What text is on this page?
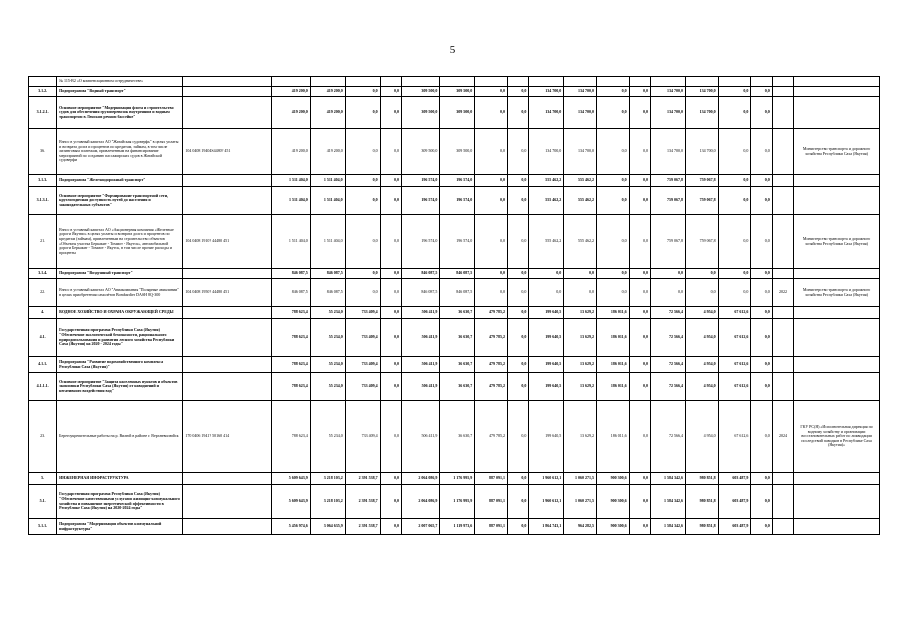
5
	№ 115-В2 «О компенсационном сотрудничестве»																			
3.1.2.	Подпрограмма "Водный транспорт"		419 200,0	419 200,0	0,0	0,0	309 500,0	309 500,0	0,0	0,0	134 700,0	134 700,0	0,0	0,0	134 700,0	134 700,0	0,0	0,0		
3.1.2.1.	Основное мероприятие "Модернизация флота и строительство судов для обеспечения грузоперевозок внутренним и водным транспортом в Ленском речном бассейне"		419 200,0	419 200,0	0,0	0,0	309 500,0	309 500,0	0,0	0,0	134 700,0	134 700,0	0,0	0,0	134 700,0	134 700,0	0,0	0,0		
36.	Взнос в уставный капитал АО "Жатайская судоверфь" в целях уплаты и возврата долга и процентов по кредитам, займам, в том числе лизинговым платежам, привлеченным на финансирование мероприятий по созданию пассажирских судов в Жатайской судоверфи	104 0408 19404S4480? 451	419 200,0	419 200,0	0,0	0,0	309 500,0	309 500,0	0,0	0,0	134 700,0	134 700,0	0,0	0,0	134 700,0	134 700,0	0,0	0,0		Министерство транспорта и дорожного хозяйства Республики Саха (Якутия)
3.1.3.	Подпрограмма "Железнодорожный транспорт"		1 511 404,0	1 511 404,0	0,0	0,0	196 574,0	196 574,0	0,0	0,0	555 462,2	555 462,2	0,0	0,0	759 067,8	759 067,8	0,0	0,0		
3.1.3.1.	Основное мероприятие "Формирование транспортной сети, круглогодичная доступность путей до населения и законодательных субъектов"		1 511 404,0	1 511 404,0	0,0	0,0	196 574,0	196 574,0	0,0	0,0	555 462,2	555 462,2	0,0	0,0	759 067,8	759 067,8	0,0	0,0		
21.	Взнос в уставный капитал АО «Акционерная компания «Железные дороги Якутии» в целях уплаты и возврата долга и процентов по кредитам (займам), привлеченным на строительство объектов «Объекты участка Беркакит - Томмот - Якутск», автомобильной дороги Беркакит - Томмот - Якутск, в том числе прочие расходы и проценты	104 0408 1910? 44480 451	1 511 404,0	1 511 404,0	0,0	0,0	196 574,0	196 574,0	0,0	0,0	555 462,2	555 462,2	0,0	0,0	759 067,8	759 067,8	0,0	0,0		Министерство транспорта и дорожного хозяйства Республики Саха (Якутия)
3.1.4.	Подпрограмма "Воздушный транспорт"		846 087,5	846 087,5	0,0	0,0	846 087,5	846 087,5	0,0	0,0	0,0	0,0	0,0	0,0	0,0	0,0	0,0	0,0		
22.	Взнос в уставный капитал АО "Авиакомпания "Полярные авиалинии" в целях приобретения самолётов Bombardier DASH 8Q-300	104 0408 1950? 44480 451	846 087,5	846 087,5	0,0	0,0	846 087,5	846 087,5	0,0	0,0	0,0	0,0	0,0	0,0	0,0	0,0	0,0	0,0	2022	Министерство транспорта и дорожного хозяйства Республики Саха (Якутия)
4.	ВОДНОЕ ХОЗЯЙСТВО И ОХРАНА ОКРУЖАЮЩЕЙ СРЕДЫ		788 623,4	55 234,0	733 409,4	0,0	506 411,9	36 630,7	479 785,2	0,0	199 640,5	13 629,2	186 011,6	0,0	72 566,4	4 954,0	67 612,6	0,0		
4.1.	Государственная программа Республики Саха (Якутия) "Обеспечение экологической безопасности, рационального природопользования и развития лесного хозяйства Республики Саха (Якутия) на 2020 - 2024 годы"		788 623,4	55 234,0	733 409,4	0,0	506 411,9	36 630,7	479 785,2	0,0	199 640,5	13 629,2	186 011,6	0,0	72 566,4	4 954,0	67 612,6	0,0		
4.1.1.	Подпрограмма "Развитие водохозяйственного комплекса Республики Саха (Якутия)"		788 623,4	55 234,0	733 409,4	0,0	506 411,9	36 630,7	479 785,2	0,0	199 640,5	13 629,2	186 011,6	0,0	72 566,4	4 954,0	67 612,6	0,0		
4.1.1.1.	Основное мероприятие "Защита населенных пунктов и объектов экономики Республики Саха (Якутия) от наводнений и негативного воздействия вод"		788 623,4	55 234,0	733 409,4	0,0	506 411,9	36 630,7	479 785,2	0,0	199 640,5	13 629,2	186 011,6	0,0	72 566,4	4 954,0	67 612,6	0,0		
23.	Берегоукрепительные работы на р. Вилюй в районе г. Верхневилюйск	170 0406 1941? 50160 414	788 623,4	55 234,0	733 409,4	0,0	506 411,9	36 630,7	479 785,2	0,0	199 640,5	13 629,2	186 011,6	0,0	72 566,4	4 954,0	67 612,6	0,0	2024	ГКУ РС(Я) «Исполнительная дирекция по водному хозяйству и организации восстановительных работ по ликвидации последствий паводков в Республике Саха (Якутия)»
5.	ИНЖЕНЕРНАЯ ИНФРАСТРУКТУРА		5 609 643,9	3 218 103,2	2 391 538,7	0,0	2 064 086,9	1 176 995,9	887 091,1	0,0	1 960 612,1	1 060 271,5	900 300,6	0,0	1 584 342,6	980 851,8	603 487,9	0,0		
5.1.	Государственная программа Республики Саха (Якутия) "Обеспечение качественными услугами жилищно-коммунального хозяйства и повышение энергетической эффективности в Республике Саха (Якутия) на 2020-2024 годы"		5 609 643,9	3 218 103,2	2 391 538,7	0,0	2 064 086,9	1 176 995,9	887 091,1	0,0	1 960 612,1	1 060 271,5	900 300,6	0,0	1 584 342,6	980 851,8	603 487,9	0,0		
5.1.1.	Подпрограмма "Модернизация объектов коммунальной инфраструктуры"		5 456 974,6	3 064 635,9	2 391 538,7	0,0	2 007 065,7	1 119 973,6	887 091,1	0,0	1 864 743,1	964 282,5	900 300,6	0,0	1 584 342,6	980 851,8	603 487,9	0,0		
